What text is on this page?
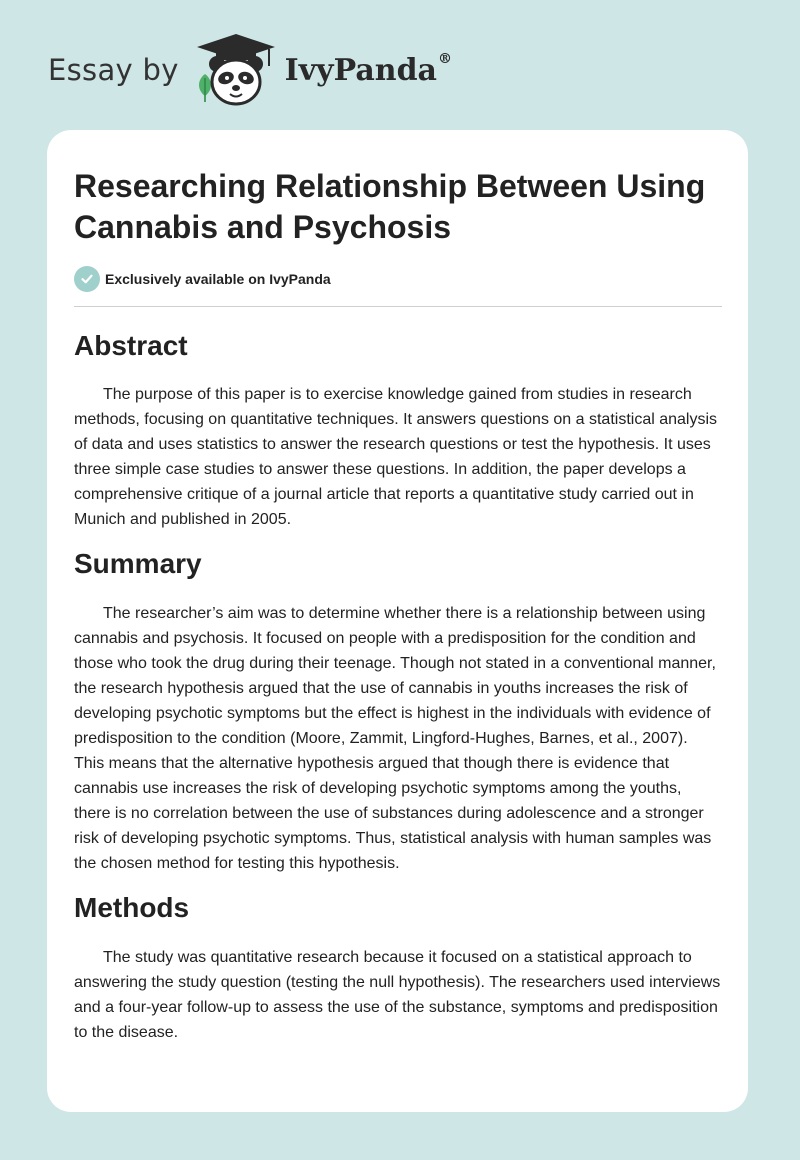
Essay by	IvyPanda®
Researching Relationship Between Using Cannabis and Psychosis
Exclusively available on IvyPanda
Abstract

The purpose of this paper is to exercise knowledge gained from studies in research methods, focusing on quantitative techniques. It answers questions on a statistical analysis of data and uses statistics to answer the research questions or test the hypothesis. It uses three simple case studies to answer these questions. In addition, the paper develops a comprehensive critique of a journal article that reports a quantitative study carried out in Munich and published in 2005.

Summary

The researcher’s aim was to determine whether there is a relationship between using cannabis and psychosis. It focused on people with a predisposition for the condition and those who took the drug during their teenage. Though not stated in a conventional manner, the research hypothesis argued that the use of cannabis in youths increases the risk of developing psychotic symptoms but the effect is highest in the individuals with evidence of predisposition to the condition (Moore, Zammit, Lingford-Hughes, Barnes, et al., 2007). This means that the alternative hypothesis argued that though there is evidence that cannabis use increases the risk of developing psychotic symptoms among the youths, there is no correlation between the use of substances during adolescence and a stronger risk of developing psychotic symptoms. Thus, statistical analysis with human samples was the chosen method for testing this hypothesis.

Methods

The study was quantitative research because it focused on a statistical approach to answering the study question (testing the null hypothesis). The researchers used interviews and a four-year follow-up to assess the use of the substance, symptoms and predisposition to the disease.
